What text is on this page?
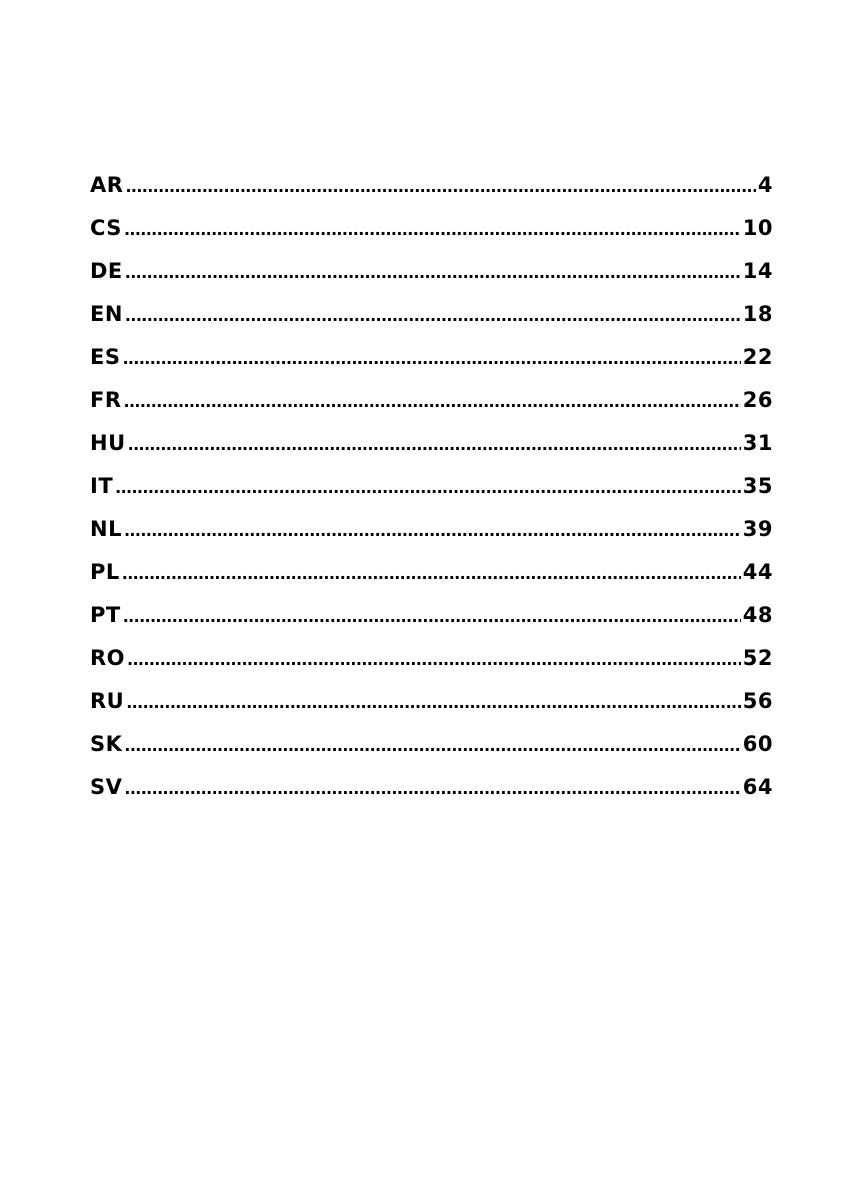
AR . . .	4
CS . . .	10
DE . . .	14
EN . . .	18
ES . . .	22
FR . . .	26
HU . . .	31
IT . . .	35
NL . . .	39
PL . . .	44
PT . . .	48
RO . . .	52
RU . . .	56
SK . . .	60
SV . . .	64
